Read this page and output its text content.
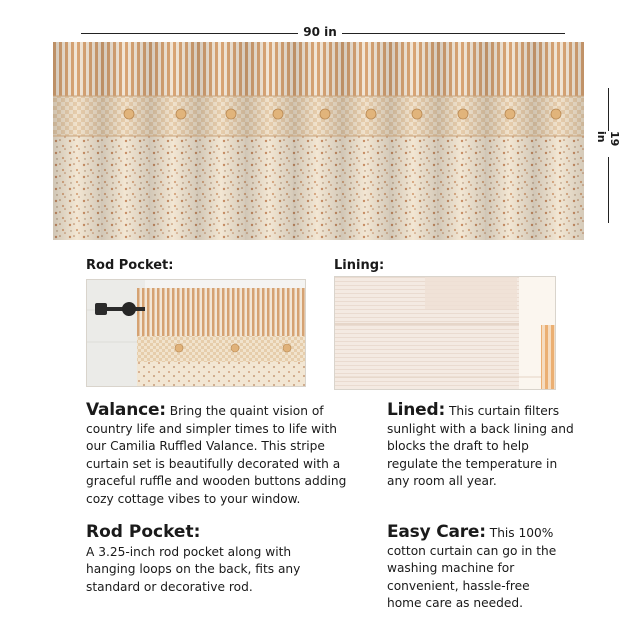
90 in
19 in
Rod Pocket:	Lining:
Valance: Bring the quaint vision of country life and simpler times to life with our Camilia Ruffled Valance. This stripe curtain set is beautifully decorated with a graceful ruffle and wooden buttons adding cozy cottage vibes to your window.
Lined: This curtain filters sunlight with a back lining and blocks the draft to help regulate the temperature in any room all year.
Rod Pocket:
A 3.25-inch rod pocket along with hanging loops on the back, fits any standard or decorative rod.
Easy Care: This 100% cotton curtain can go in the washing machine for convenient, hassle-free home care as needed.
